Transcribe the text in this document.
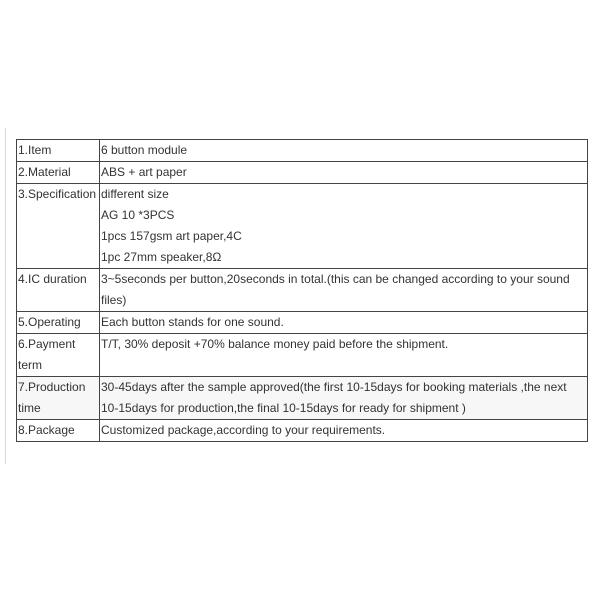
1.Item	6 button module

2.Material	ABS + art paper

3.Specification	different size
AG 10 *3PCS
1pcs 157gsm art paper,4C
1pc 27mm speaker,8Ω

4.IC duration	3~5seconds per button,20seconds in total.(this can be changed according to your sound files)

5.Operating	Each button stands for one sound.

6.Payment term	T/T, 30% deposit +70% balance money paid before the shipment.

7.Production time	30-45days after the sample approved(the first 10-15days for booking materials ,the next 10-15days for production,the final 10-15days for ready for shipment )

8.Package	Customized package,according to your requirements.
